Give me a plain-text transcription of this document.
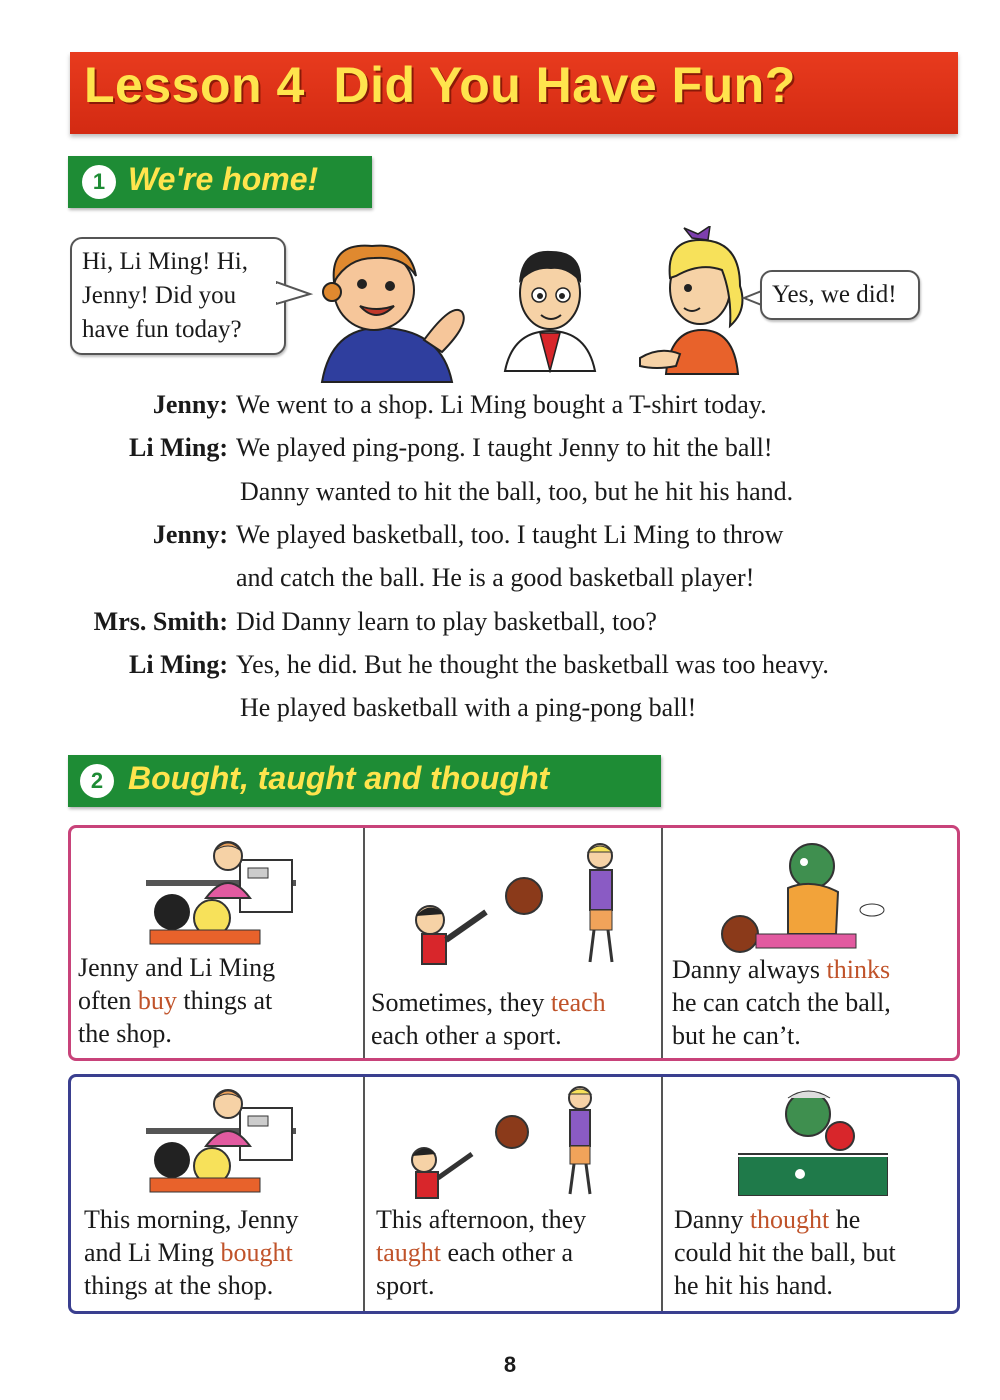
Lesson 4  Did You Have Fun?
1 We're home!
Hi, Li Ming! Hi,
Jenny! Did you
have fun today?
Yes, we did!
Jenny: We went to a shop. Li Ming bought a T-shirt today.
Li Ming: We played ping-pong. I taught Jenny to hit the ball!
Danny wanted to hit the ball, too, but he hit his hand.
Jenny: We played basketball, too. I taught Li Ming to throw
and catch the ball. He is a good basketball player!
Mrs. Smith: Did Danny learn to play basketball, too?
Li Ming: Yes, he did. But he thought the basketball was too heavy.
He played basketball with a ping-pong ball!
2 Bought, taught and thought
Jenny and Li Ming
often buy things at
the shop.
Sometimes, they teach
each other a sport.
Danny always thinks
he can catch the ball,
but he can’t.
This morning, Jenny
and Li Ming bought
things at the shop.
This afternoon, they
taught each other a
sport.
Danny thought he
could hit the ball, but
he hit his hand.
8
